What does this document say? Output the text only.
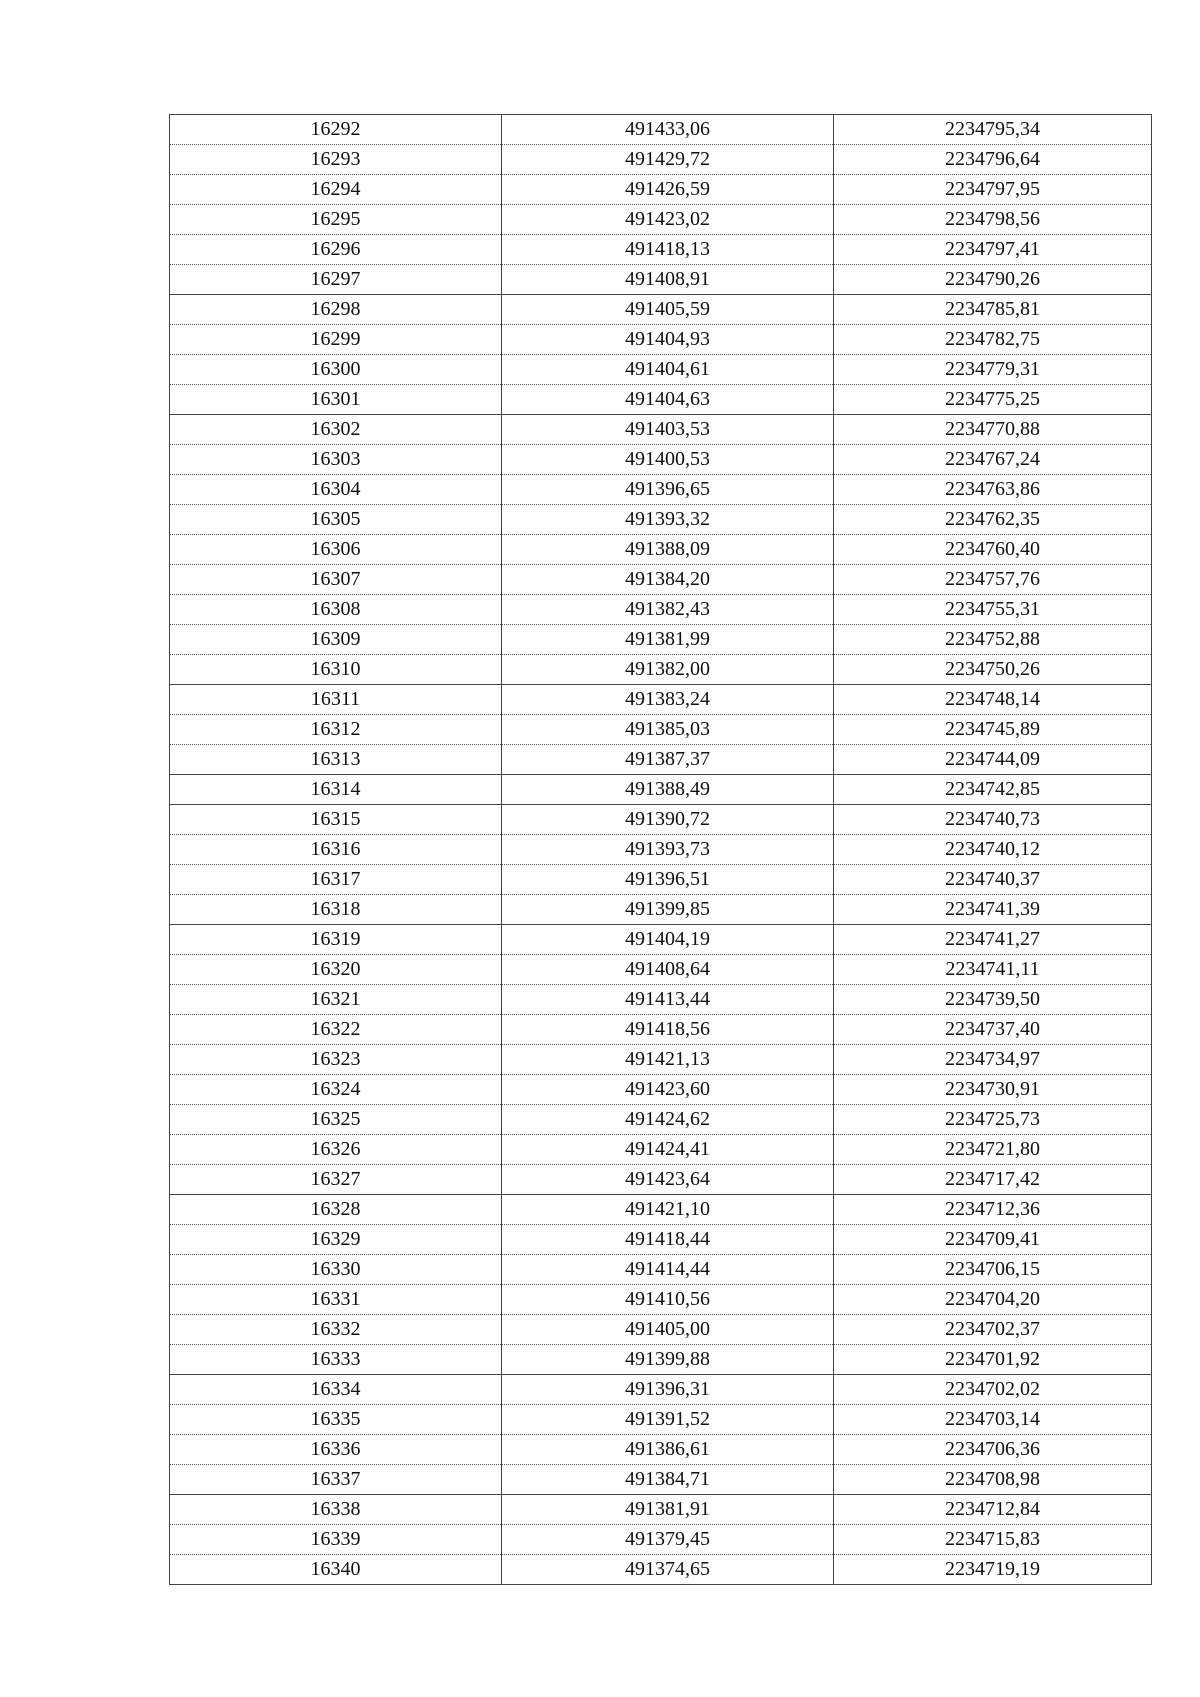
16292	491433,06	2234795,34
16293	491429,72	2234796,64
16294	491426,59	2234797,95
16295	491423,02	2234798,56
16296	491418,13	2234797,41
16297	491408,91	2234790,26
16298	491405,59	2234785,81
16299	491404,93	2234782,75
16300	491404,61	2234779,31
16301	491404,63	2234775,25
16302	491403,53	2234770,88
16303	491400,53	2234767,24
16304	491396,65	2234763,86
16305	491393,32	2234762,35
16306	491388,09	2234760,40
16307	491384,20	2234757,76
16308	491382,43	2234755,31
16309	491381,99	2234752,88
16310	491382,00	2234750,26
16311	491383,24	2234748,14
16312	491385,03	2234745,89
16313	491387,37	2234744,09
16314	491388,49	2234742,85
16315	491390,72	2234740,73
16316	491393,73	2234740,12
16317	491396,51	2234740,37
16318	491399,85	2234741,39
16319	491404,19	2234741,27
16320	491408,64	2234741,11
16321	491413,44	2234739,50
16322	491418,56	2234737,40
16323	491421,13	2234734,97
16324	491423,60	2234730,91
16325	491424,62	2234725,73
16326	491424,41	2234721,80
16327	491423,64	2234717,42
16328	491421,10	2234712,36
16329	491418,44	2234709,41
16330	491414,44	2234706,15
16331	491410,56	2234704,20
16332	491405,00	2234702,37
16333	491399,88	2234701,92
16334	491396,31	2234702,02
16335	491391,52	2234703,14
16336	491386,61	2234706,36
16337	491384,71	2234708,98
16338	491381,91	2234712,84
16339	491379,45	2234715,83
16340	491374,65	2234719,19
